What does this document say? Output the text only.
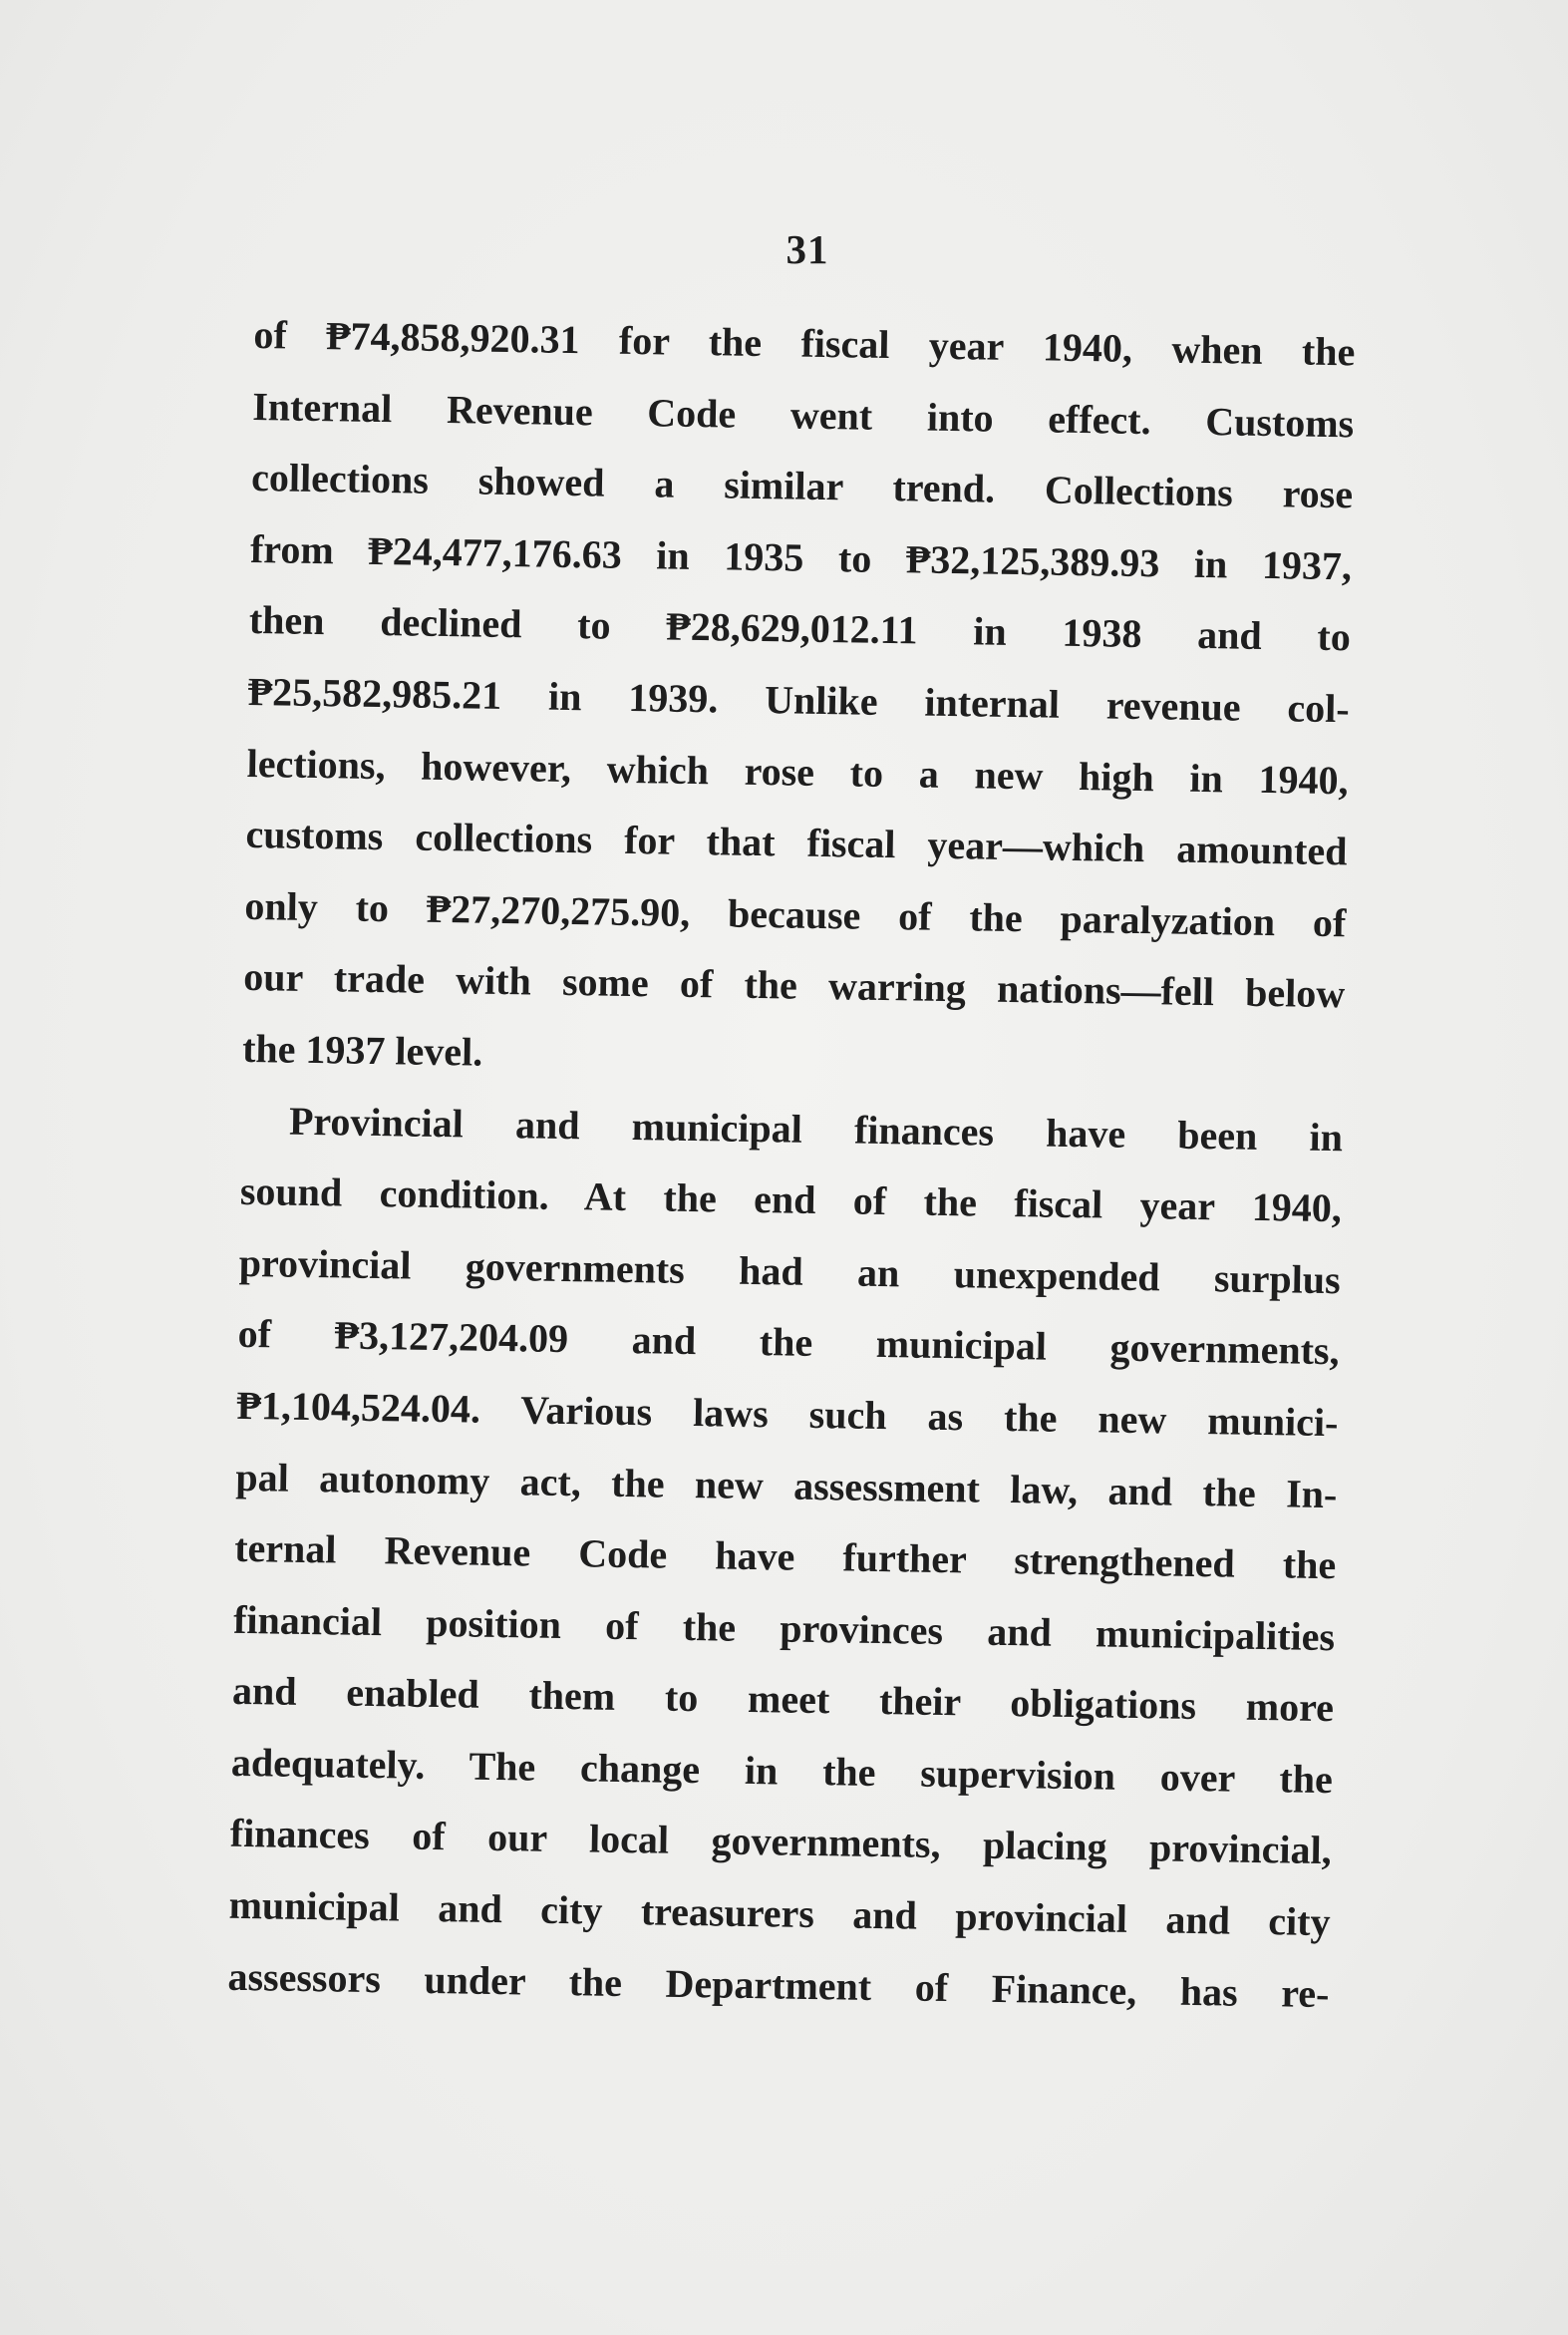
31
of ₱74,858,920.31 for the fiscal year 1940, when the
Internal Revenue Code went into effect. Customs
collections showed a similar trend. Collections rose
from ₱24,477,176.63 in 1935 to ₱32,125,389.93 in 1937,
then declined to ₱28,629,012.11 in 1938 and to
₱25,582,985.21 in 1939. Unlike internal revenue col-
lections, however, which rose to a new high in 1940,
customs collections for that fiscal year—which amounted
only to ₱27,270,275.90, because of the paralyzation of
our trade with some of the warring nations—fell below
the 1937 level.
Provincial and municipal finances have been in
sound condition. At the end of the fiscal year 1940,
provincial governments had an unexpended surplus
of ₱3,127,204.09 and the municipal governments,
₱1,104,524.04. Various laws such as the new munici-
pal autonomy act, the new assessment law, and the In-
ternal Revenue Code have further strengthened the
financial position of the provinces and municipalities
and enabled them to meet their obligations more
adequately. The change in the supervision over the
finances of our local governments, placing provincial,
municipal and city treasurers and provincial and city
assessors under the Department of Finance, has re-
